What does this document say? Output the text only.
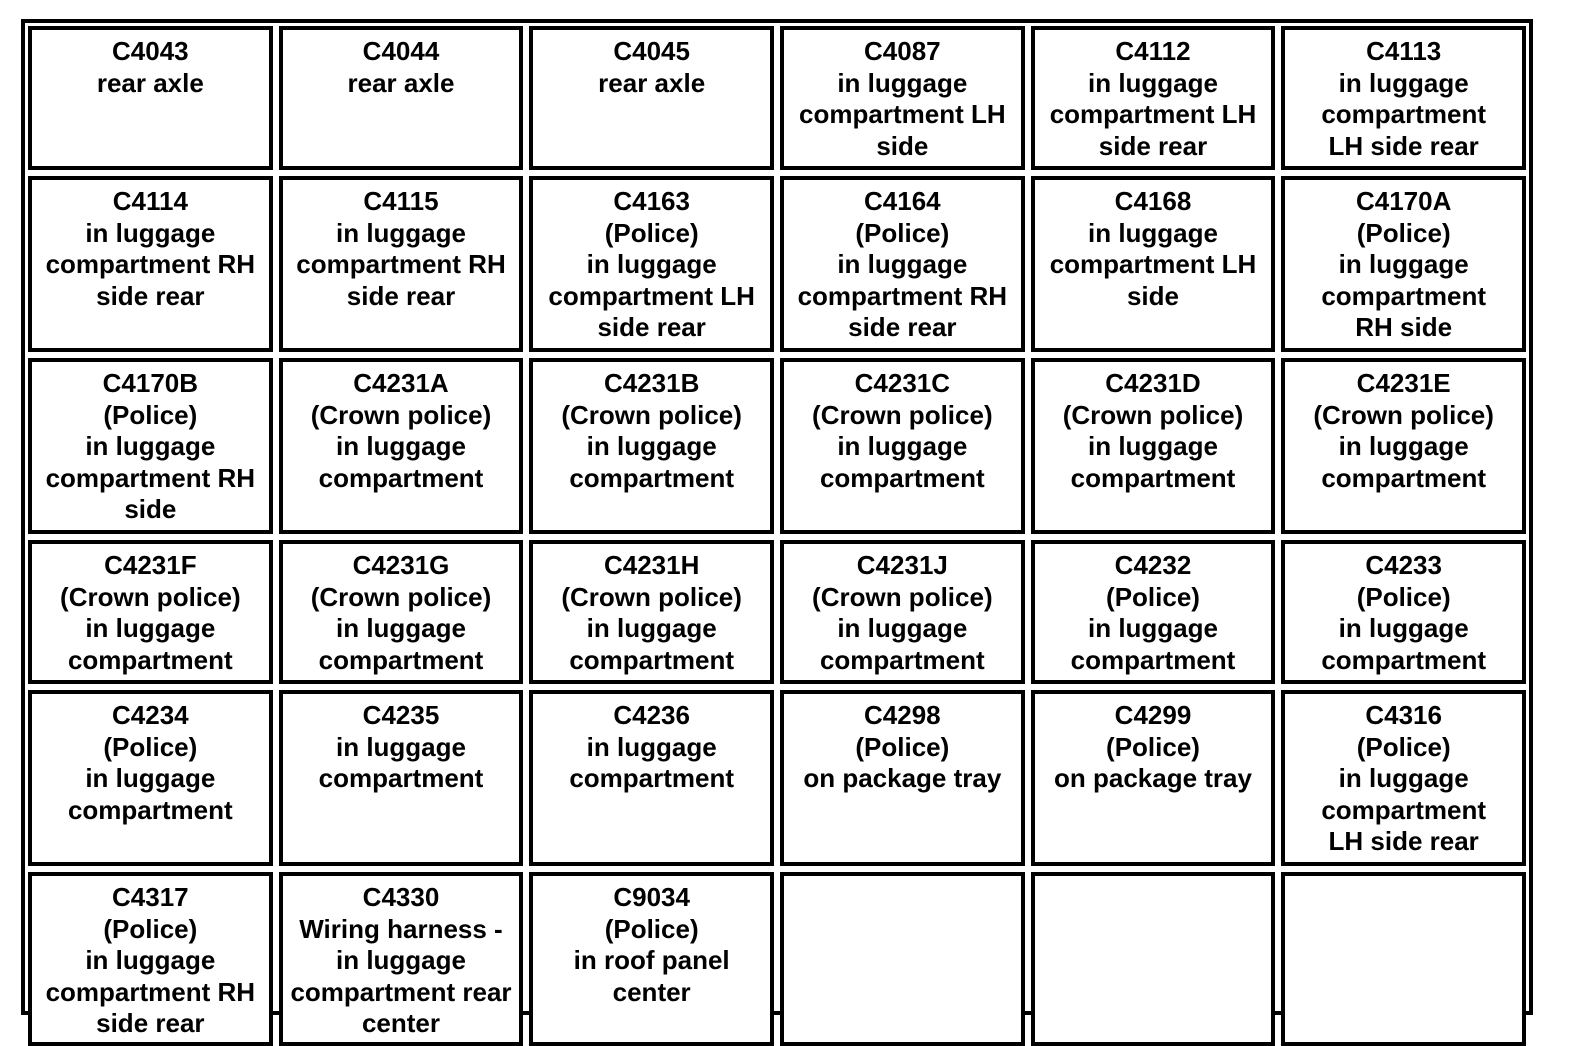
C4043
rear axle
C4044
rear axle
C4045
rear axle
C4087
in luggage
compartment LH
side
C4112
in luggage
compartment LH
side rear
C4113
in luggage
compartment
LH side rear
C4114
in luggage
compartment RH
side rear
C4115
in luggage
compartment RH
side rear
C4163
(Police)
in luggage
compartment LH
side rear
C4164
(Police)
in luggage
compartment RH
side rear
C4168
in luggage
compartment LH
side
C4170A
(Police)
in luggage
compartment
RH side
C4170B
(Police)
in luggage
compartment RH
side
C4231A
(Crown police)
in luggage
compartment
C4231B
(Crown police)
in luggage
compartment
C4231C
(Crown police)
in luggage
compartment
C4231D
(Crown police)
in luggage
compartment
C4231E
(Crown police)
in luggage
compartment
C4231F
(Crown police)
in luggage
compartment
C4231G
(Crown police)
in luggage
compartment
C4231H
(Crown police)
in luggage
compartment
C4231J
(Crown police)
in luggage
compartment
C4232
(Police)
in luggage
compartment
C4233
(Police)
in luggage
compartment
C4234
(Police)
in luggage
compartment
C4235
in luggage
compartment
C4236
in luggage
compartment
C4298
(Police)
on package tray
C4299
(Police)
on package tray
C4316
(Police)
in luggage
compartment
LH side rear
C4317
(Police)
in luggage
compartment RH
side rear
C4330
Wiring harness -
in luggage
compartment rear
center
C9034
(Police)
in roof panel
center
